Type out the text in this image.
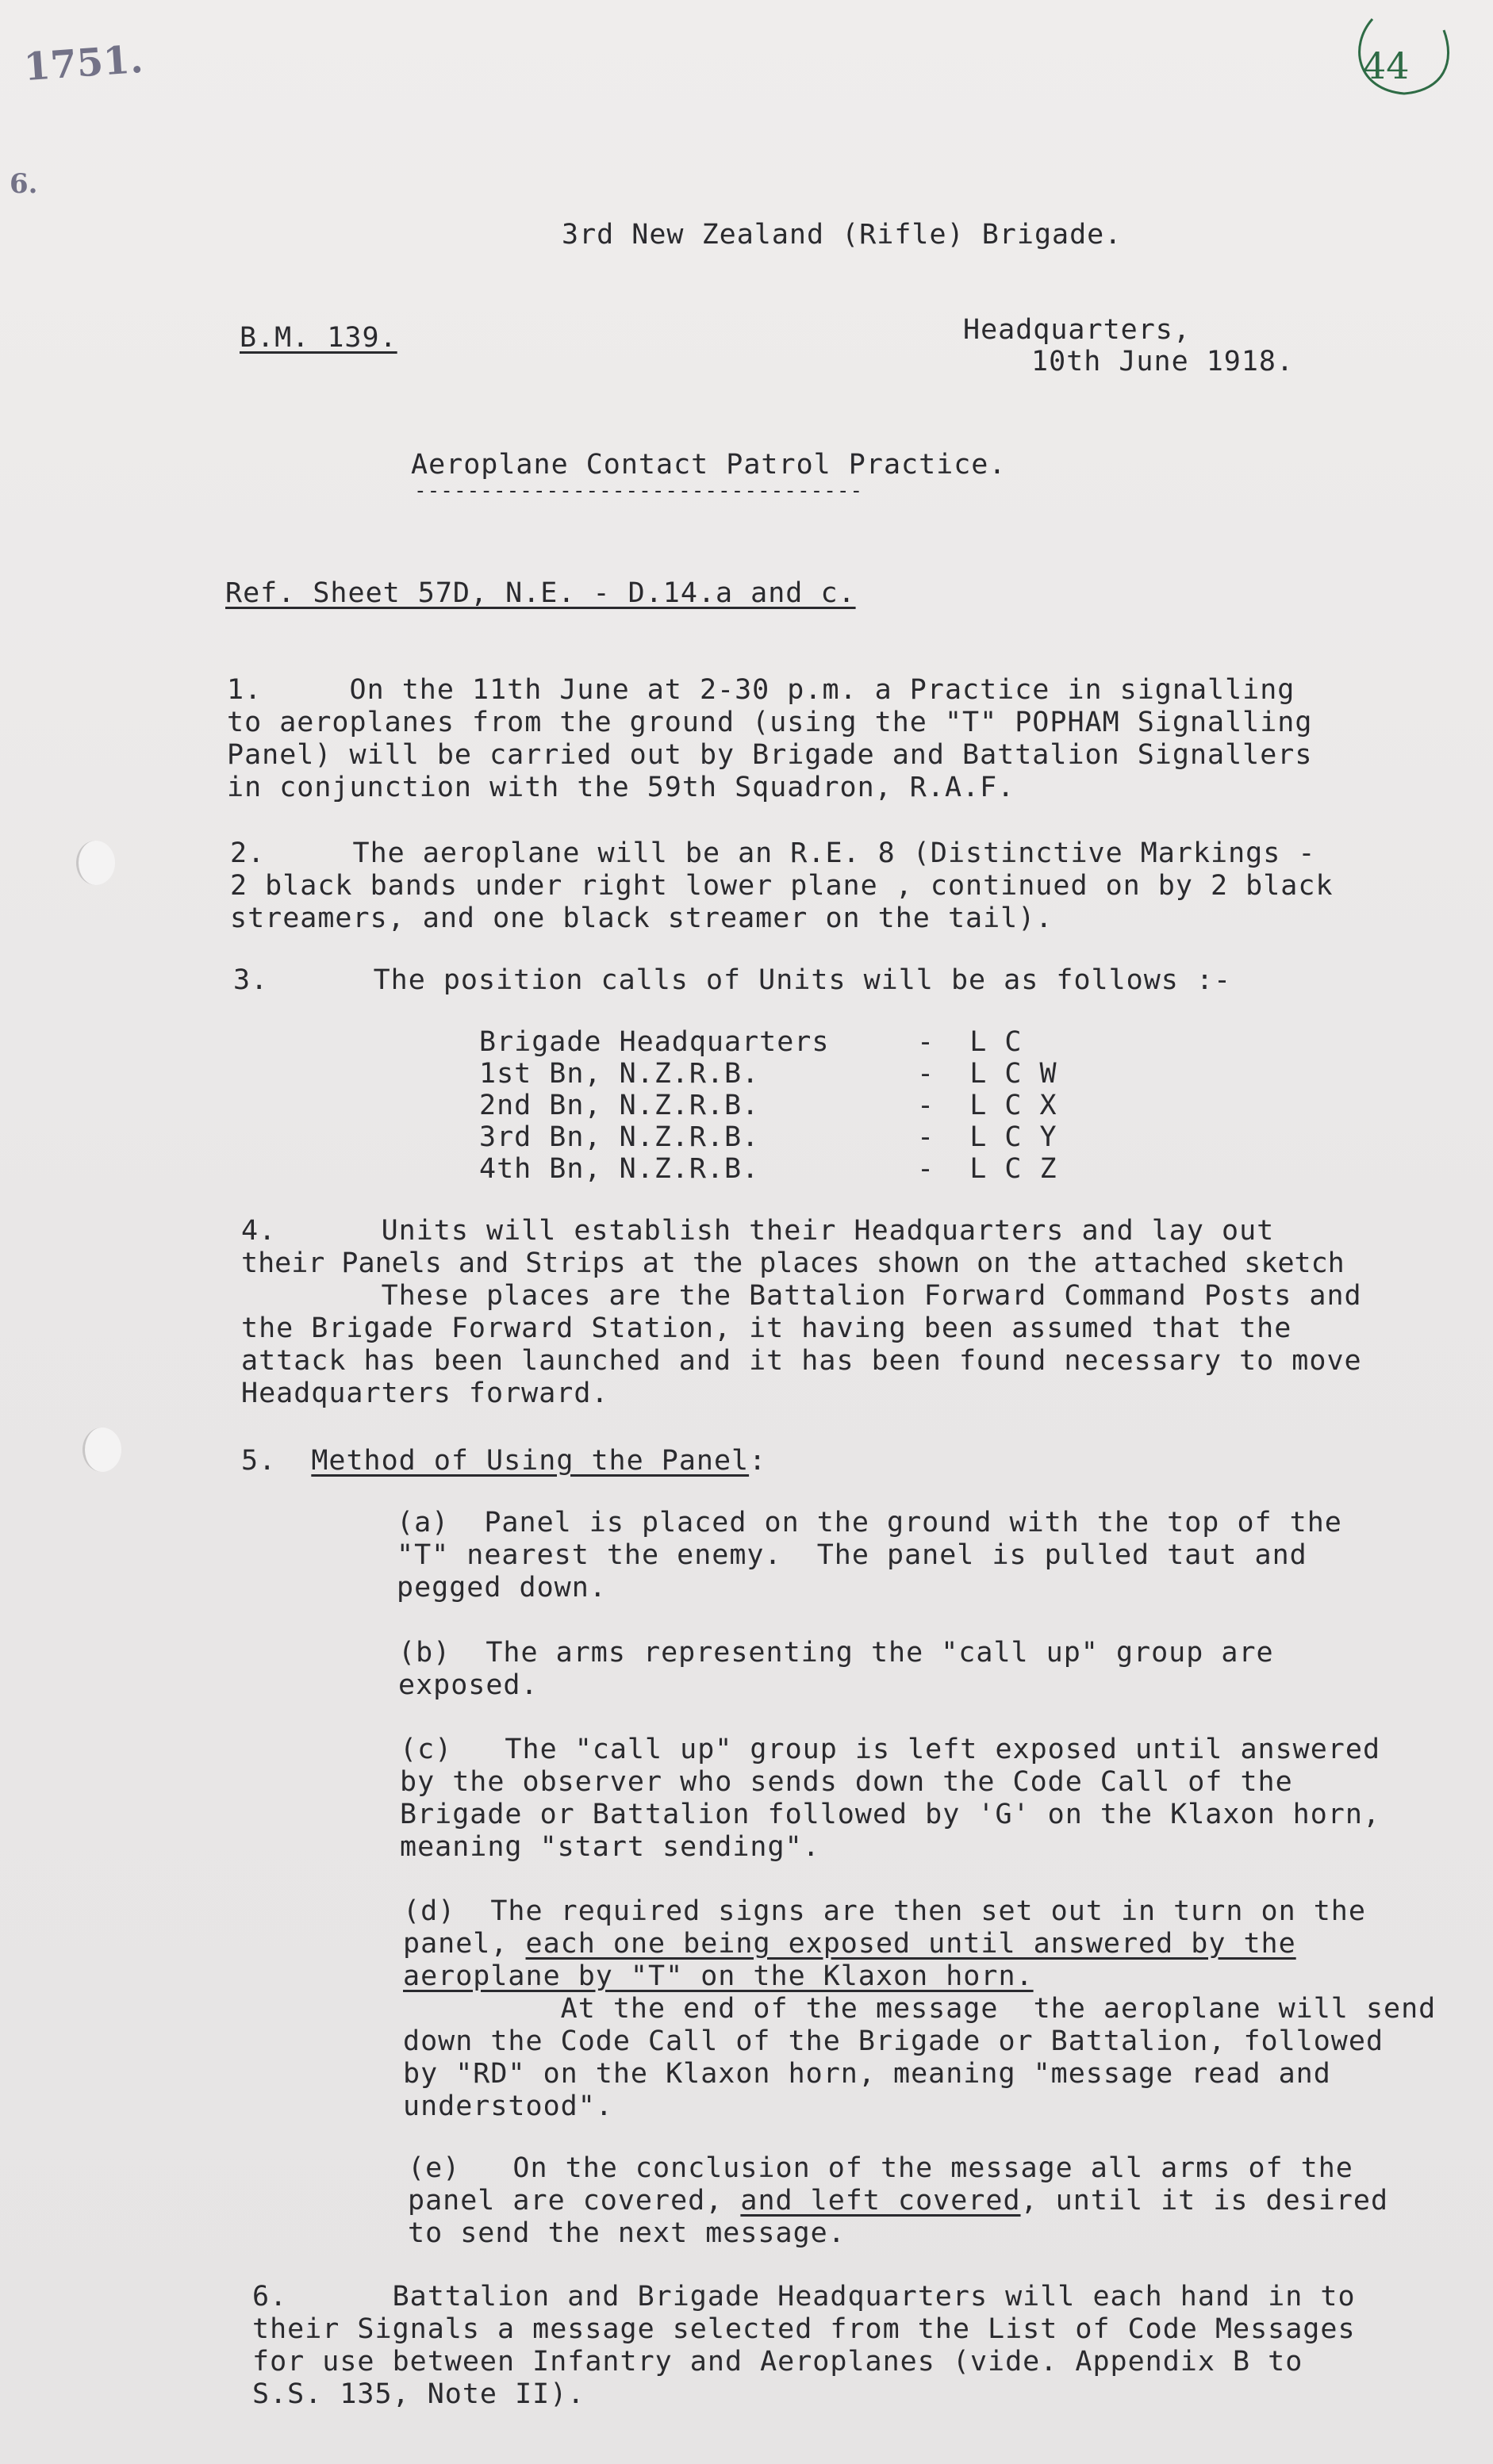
1751.
6.
44
3rd New Zealand (Rifle) Brigade.
B.M. 139.	Headquarters,
10th June 1918.
Aeroplane Contact Patrol Practice.
----------------------------------
Ref. Sheet 57D, N.E. - D.14.a and c.
1.     On the 11th June at 2-30 p.m. a Practice in signalling
to aeroplanes from the ground (using the "T" POPHAM Signalling
Panel) will be carried out by Brigade and Battalion Signallers
in conjunction with the 59th Squadron, R.A.F.
2.     The aeroplane will be an R.E. 8 (Distinctive Markings -
2 black bands under right lower plane , continued on by 2 black
streamers, and one black streamer on the tail).
3.      The position calls of Units will be as follows :-
Brigade Headquarters	-  L C
1st Bn, N.Z.R.B.	-  L C W
2nd Bn, N.Z.R.B.	-  L C X
3rd Bn, N.Z.R.B.	-  L C Y
4th Bn, N.Z.R.B.	-  L C Z
4.      Units will establish their Headquarters and lay out
their Panels and Strips at the places shown on the attached sketch
These places are the Battalion Forward Command Posts and
the Brigade Forward Station, it having been assumed that the
attack has been launched and it has been found necessary to move
Headquarters forward.
5. Method of Using the Panel:
(a)  Panel is placed on the ground with the top of the
"T" nearest the enemy.  The panel is pulled taut and
pegged down.
(b)  The arms representing the "call up" group are
exposed.
(c)   The "call up" group is left exposed until answered
by the observer who sends down the Code Call of the
Brigade or Battalion followed by 'G' on the Klaxon horn,
meaning "start sending".
(d)  The required signs are then set out in turn on the
panel, each one being exposed until answered by the
aeroplane by "T" on the Klaxon horn.
At the end of the message  the aeroplane will send
down the Code Call of the Brigade or Battalion, followed
by "RD" on the Klaxon horn, meaning "message read and
understood".
(e)   On the conclusion of the message all arms of the
panel are covered, and left covered, until it is desired
to send the next message.
6.      Battalion and Brigade Headquarters will each hand in to
their Signals a message selected from the List of Code Messages
for use between Infantry and Aeroplanes (vide. Appendix B to
S.S. 135, Note II).
